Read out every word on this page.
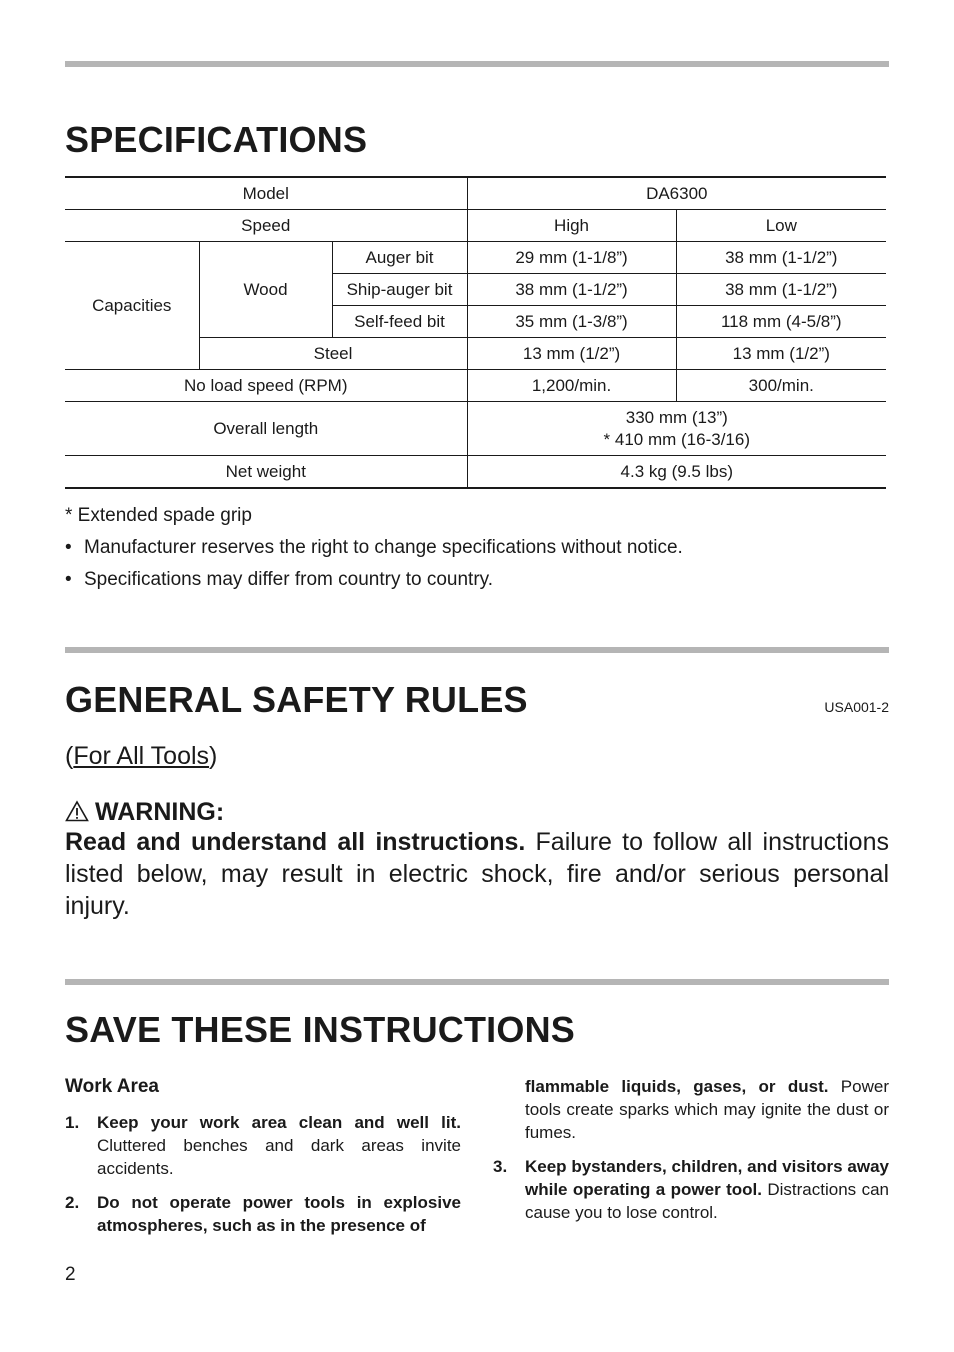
SPECIFICATIONS
Model			DA6300	
Speed			High	Low
Capacities	Wood	Auger bit	29 mm (1-1/8”)	38 mm (1-1/2”)
		Ship-auger bit	38 mm (1-1/2”)	38 mm (1-1/2”)
		Self-feed bit	35 mm (1-3/8”)	118 mm (4-5/8”)
	Steel		13 mm (1/2”)	13 mm (1/2”)
No load speed (RPM)			1,200/min.	300/min.
Overall length			330 mm (13”)
* 410 mm (16-3/16)	

Net weight			4.3 kg (9.5 lbs)	
* Extended spade grip
• Manufacturer reserves the right to change specifications without notice.
• Specifications may differ from country to country.
GENERAL SAFETY RULES	USA001-2
(For All Tools)
WARNING:
Read and understand all instructions. Failure to follow all instructions listed below, may result in electric shock, fire and/or serious personal injury.
SAVE THESE INSTRUCTIONS
Work Area
1. Keep your work area clean and well lit. Cluttered benches and dark areas invite accidents.
2. Do not operate power tools in explosive atmospheres, such as in the presence of
flammable liquids, gases, or dust. Power tools create sparks which may ignite the dust or fumes.
3. Keep bystanders, children, and visitors away while operating a power tool. Distractions can cause you to lose control.
2
